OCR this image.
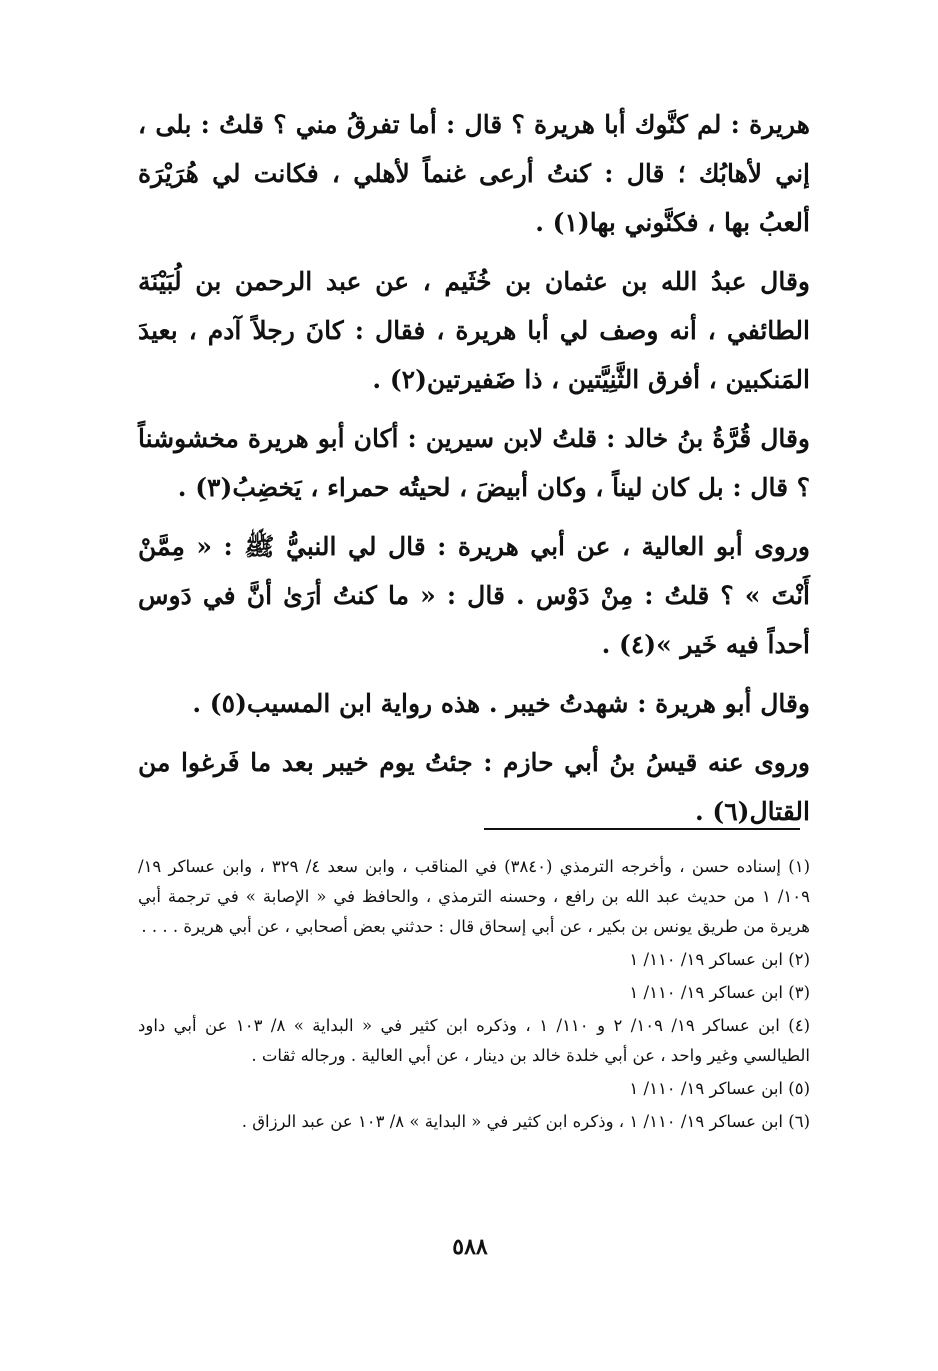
هريرة : لم كنَّوك أبا هريرة ؟ قال : أما تفرقُ مني ؟ قلتُ : بلى ، إني لأهابُك ؛ قال : كنتُ أرعى غنماً لأهلي ، فكانت لي هُرَيْرَة ألعبُ بها ، فكنَّوني بها(١) .

وقال عبدُ الله بن عثمان بن خُثَيم ، عن عبد الرحمن بن لُبَيْنَة الطائفي ، أنه وصف لي أبا هريرة ، فقال : كانَ رجلاً آدم ، بعيدَ المَنكبين ، أفرق الثَّنِيَّتين ، ذا ضَفيرتين(٢) .

وقال قُرَّةُ بنُ خالد : قلتُ لابن سيرين : أكان أبو هريرة مخشوشناً ؟ قال : بل كان ليناً ، وكان أبيضَ ، لحيتُه حمراء ، يَخضِبُ(٣) .

وروى أبو العالية ، عن أبي هريرة : قال لي النبيُّ ﷺ : « مِمَّنْ أَنْتَ » ؟ قلتُ : مِنْ دَوْس . قال : « ما كنتُ أرَىٰ أنَّ في دَوس أحداً فيه خَير »(٤) .

وقال أبو هريرة : شهدتُ خيبر . هذه رواية ابن المسيب(٥) .

وروى عنه قيسُ بنُ أبي حازم : جئتُ يوم خيبر بعد ما فَرغوا من القتال(٦) .

(١) إسناده حسن ، وأخرجه الترمذي (٣٨٤٠) في المناقب ، وابن سعد ٤/ ٣٢٩ ، وابن عساكر ١٩/ ١٠٩/ ١ من حديث عبد الله بن رافع ، وحسنه الترمذي ، والحافظ في « الإصابة » في ترجمة أبي هريرة من طريق يونس بن بكير ، عن أبي إسحاق قال : حدثني بعض أصحابي ، عن أبي هريرة . . . .

(٢) ابن عساكر ١٩/ ١١٠/ ١

(٣) ابن عساكر ١٩/ ١١٠/ ١

(٤) ابن عساكر ١٩/ ١٠٩/ ٢ و ١١٠/ ١ ، وذكره ابن كثير في « البداية » ٨/ ١٠٣ عن أبي داود الطيالسي وغير واحد ، عن أبي خلدة خالد بن دينار ، عن أبي العالية . ورجاله ثقات .

(٥) ابن عساكر ١٩/ ١١٠/ ١

(٦) ابن عساكر ١٩/ ١١٠/ ١ ، وذكره ابن كثير في « البداية » ٨/ ١٠٣ عن عبد الرزاق .

٥٨٨
